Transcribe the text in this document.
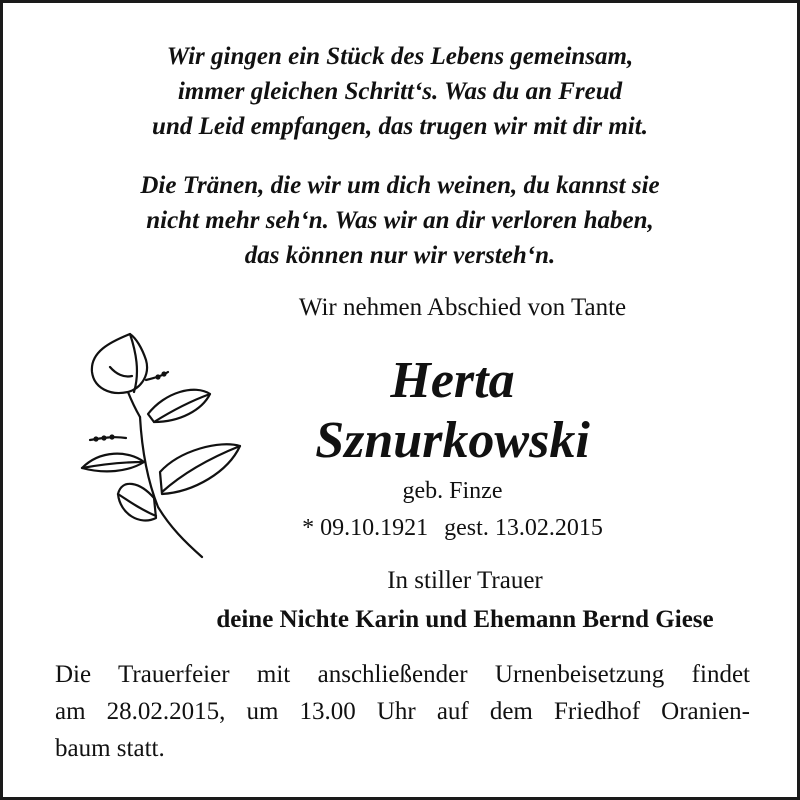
Wir gingen ein Stück des Lebens gemeinsam,
immer gleichen Schritt‘s. Was du an Freud
und Leid empfangen, das trugen wir mit dir mit.
Die Tränen, die wir um dich weinen, du kannst sie
nicht mehr seh‘n. Was wir an dir verloren haben,
das können nur wir versteh‘n.
Wir nehmen Abschied von Tante
Herta
Sznurkowski
geb. Finze
* 09.10.1921 gest. 13.02.2015
In stiller Trauer
deine Nichte Karin und Ehemann Bernd Giese
Die Trauerfeier mit anschließender Urnenbeisetzung findet
am 28.02.2015, um 13.00 Uhr auf dem Friedhof Oranien-
baum statt.
